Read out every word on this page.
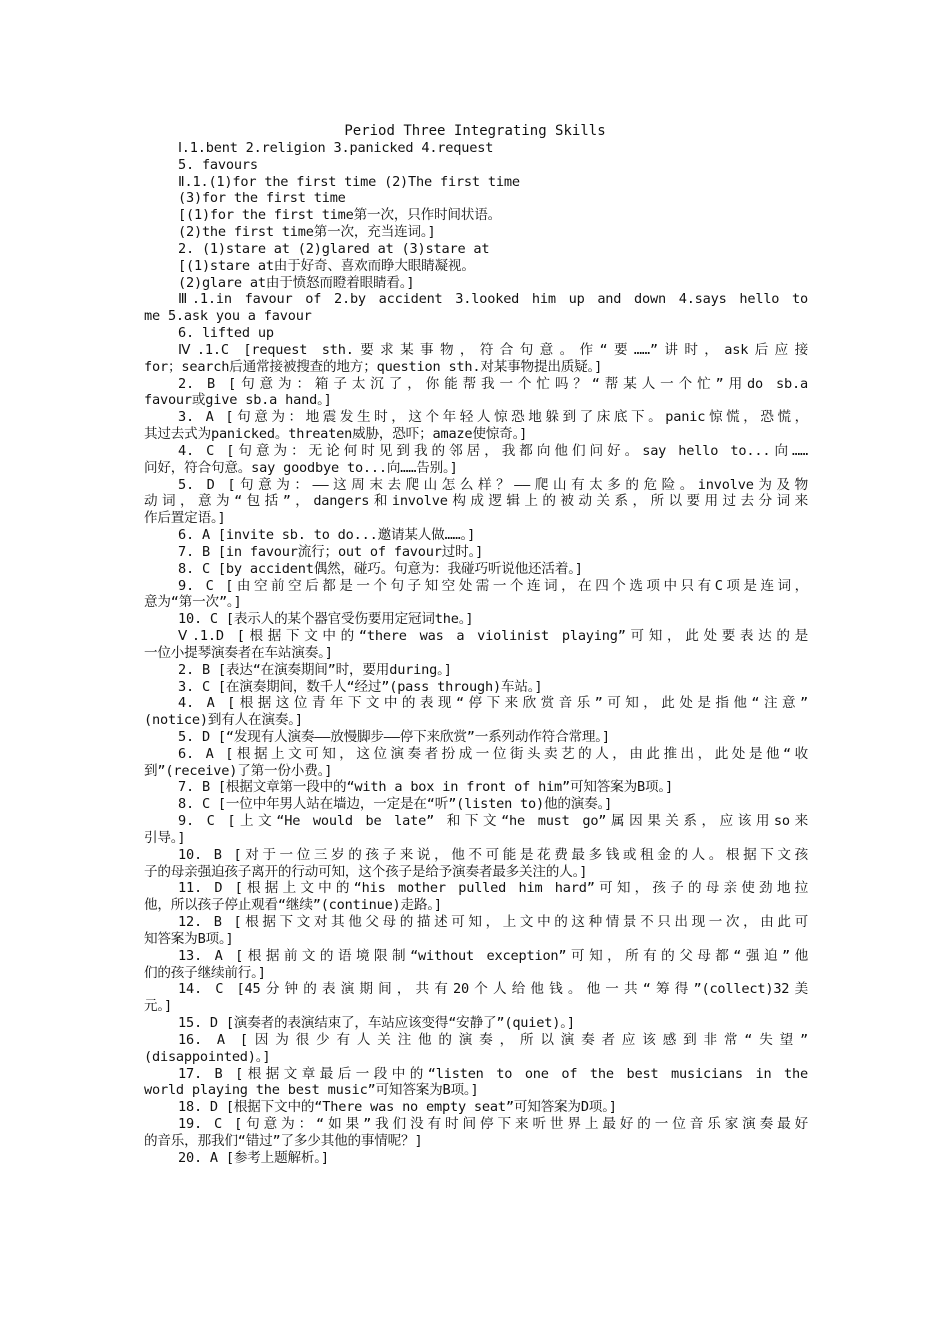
Period Three Integrating Skills
Ⅰ.1.bent 2.religion 3.panicked 4.request
5. favours
Ⅱ.1.(1)for the first time (2)The first time
(3)for the first time
[(1)for the first time第一次，只作时间状语。
(2)the first time第一次，充当连词。]
2. (1)stare at (2)glared at (3)stare at
[(1)stare at由于好奇、喜欢而睁大眼睛凝视。
(2)glare at由于愤怒而瞪着眼睛看。]
Ⅲ.1.in favour of 2.by accident 3.looked him up and down 4.says hello to
me 5.ask you a favour
6. lifted up
Ⅳ.1.C [request sth.要求某事物，符合句意。作“要……”讲时，ask后应接
for；search后通常接被搜查的地方；question sth.对某事物提出质疑。]
2. B [句意为：箱子太沉了，你能帮我一个忙吗？“帮某人一个忙”用do sb.a
favour或give sb.a hand。]
3. A [句意为：地震发生时，这个年轻人惊恐地躲到了床底下。panic惊慌，恐慌，
其过去式为panicked。threaten威胁，恐吓；amaze使惊奇。]
4. C [句意为：无论何时见到我的邻居，我都向他们问好。say hello to...向……
问好，符合句意。say goodbye to...向……告别。]
5. D [句意为：——这周末去爬山怎么样？——爬山有太多的危险。involve为及物
动词，意为“包括”，dangers和involve构成逻辑上的被动关系，所以要用过去分词来
作后置定语。]
6. A [invite sb. to do...邀请某人做……。]
7. B [in favour流行；out of favour过时。]
8. C [by accident偶然，碰巧。句意为：我碰巧听说他还活着。]
9. C [由空前空后都是一个句子知空处需一个连词，在四个选项中只有C项是连词，
意为“第一次”。]
10. C [表示人的某个器官受伤要用定冠词the。]
Ⅴ.1.D [根据下文中的“there was a violinist playing”可知，此处要表达的是
一位小提琴演奏者在车站演奏。]
2. B [表达“在演奏期间”时，要用during。]
3. C [在演奏期间，数千人“经过”(pass through)车站。]
4. A [根据这位青年下文中的表现“停下来欣赏音乐”可知，此处是指他“注意”
(notice)到有人在演奏。]
5. D [“发现有人演奏——放慢脚步——停下来欣赏”一系列动作符合常理。]
6. A [根据上文可知，这位演奏者扮成一位街头卖艺的人，由此推出，此处是他“收
到”(receive)了第一份小费。]
7. B [根据文章第一段中的“with a box in front of him”可知答案为B项。]
8. C [一位中年男人站在墙边，一定是在“听”(listen to)他的演奏。]
9. C [上文“He would be late” 和下文“he must go”属因果关系，应该用so来
引导。]
10. B [对于一位三岁的孩子来说，他不可能是花费最多钱或租金的人。根据下文孩
子的母亲强迫孩子离开的行动可知，这个孩子是给予演奏者最多关注的人。]
11. D [根据上文中的“his mother pulled him hard”可知，孩子的母亲使劲地拉
他，所以孩子停止观看“继续”(continue)走路。]
12. B [根据下文对其他父母的描述可知，上文中的这种情景不只出现一次，由此可
知答案为B项。]
13. A [根据前文的语境限制“without exception”可知，所有的父母都“强迫”他
们的孩子继续前行。]
14. C [45分钟的表演期间，共有20个人给他钱。他一共“筹得”(collect)32美
元。]
15. D [演奏者的表演结束了，车站应该变得“安静了”(quiet)。]
16. A [因为很少有人关注他的演奏，所以演奏者应该感到非常“失望”
(disappointed)。]
17. B [根据文章最后一段中的“listen to one of the best musicians in the
world playing the best music”可知答案为B项。]
18. D [根据下文中的“There was no empty seat”可知答案为D项。]
19. C [句意为：“如果”我们没有时间停下来听世界上最好的一位音乐家演奏最好
的音乐，那我们“错过”了多少其他的事情呢？]
20. A [参考上题解析。]
